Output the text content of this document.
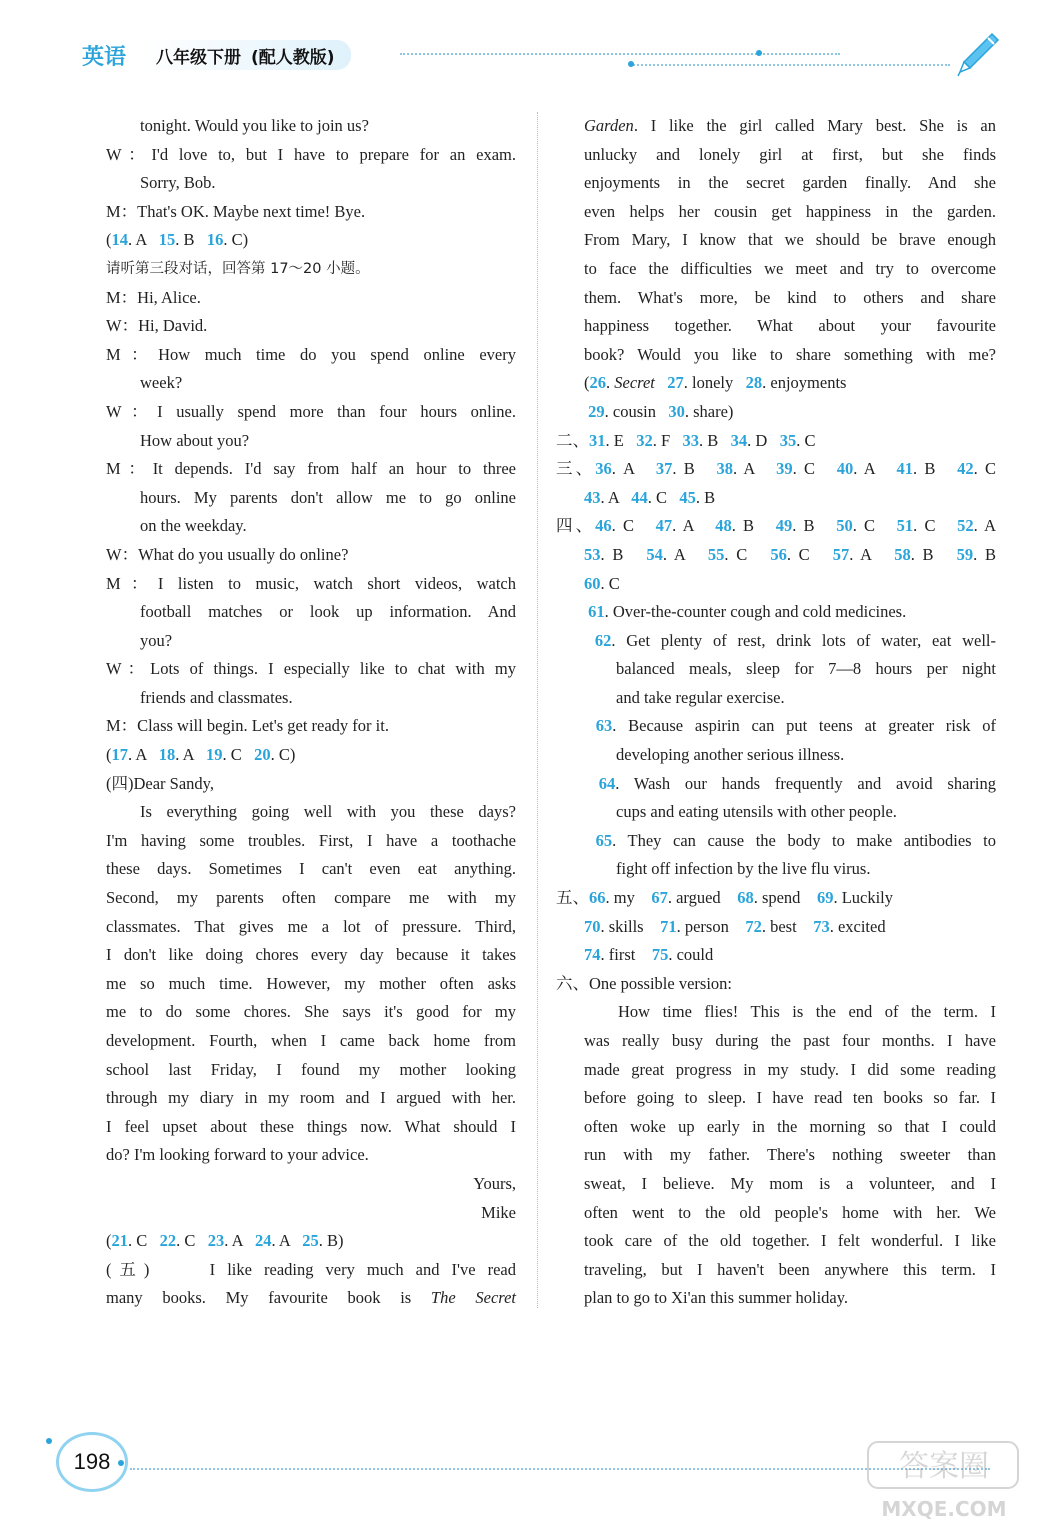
英语 八年级下册 (配人教版)
tonight. Would you like to join us?
W：I'd love to, but I have to prepare for an exam.
Sorry, Bob.
M：That's OK. Maybe next time! Bye.
(14. A   15. B   16. C)
请听第三段对话，回答第 17～20 小题。
M：Hi, Alice.
W：Hi, David.
M：How much time do you spend online every
week?
W：I usually spend more than four hours online.
How about you?
M：It depends. I'd say from half an hour to three
hours. My parents don't allow me to go online
on the weekday.
W：What do you usually do online?
M：I listen to music, watch short videos, watch
football matches or look up information. And
you?
W：Lots of things. I especially like to chat with my
friends and classmates.
M：Class will begin. Let's get ready for it.
(17. A   18. A   19. C   20. C)
(四)Dear Sandy,
Is everything going well with you these days?
I'm having some troubles. First, I have a toothache
these days. Sometimes I can't even eat anything.
Second, my parents often compare me with my
classmates. That gives me a lot of pressure. Third,
I don't like doing chores every day because it takes
me so much time. However, my mother often asks
me to do some chores. She says it's good for my
development. Fourth, when I came back home from
school last Friday, I found my mother looking
through my diary in my room and I argued with her.
I feel upset about these things now. What should I
do? I'm looking forward to your advice.
Yours,
Mike
(21. C   22. C   23. A   24. A   25. B)
(五)     I like reading very much and I've read
many books. My favourite book is The Secret
Garden. I like the girl called Mary best. She is an
unlucky and lonely girl at first, but she finds
enjoyments in the secret garden finally. And she
even helps her cousin get happiness in the garden.
From Mary, I know that we should be brave enough
to face the difficulties we meet and try to overcome
them. What's more, be kind to others and share
happiness together. What about your favourite
book? Would you like to share something with me?
(26. Secret 27. lonely   28. enjoyments
29. cousin   30. share)
二、31. E   32. F   33. B   34. D   35. C
三、36. A   37. B   38. A   39. C   40. A   41. B   42. C
43. A   44. C   45. B
四、46. C   47. A   48. B   49. B   50. C   51. C   52. A
53. B   54. A   55. C   56. C   57. A   58. B   59. B
60. C
61. Over-the-counter cough and cold medicines.
62. Get plenty of rest, drink lots of water, eat well-
balanced meals, sleep for 7—8 hours per night
and take regular exercise.
63. Because aspirin can put teens at greater risk of
developing another serious illness.
64. Wash our hands frequently and avoid sharing
cups and eating utensils with other people.
65. They can cause the body to make antibodies to
fight off infection by the live flu virus.
五、66. my    67. argued    68. spend    69. Luckily
70. skills    71. person    72. best    73. excited
74. first    75. could
六、One possible version:
How time flies! This is the end of the term. I
was really busy during the past four months. I have
made great progress in my study. I did some reading
before going to sleep. I have read ten books so far. I
often woke up early in the morning so that I could
run with my father. There's nothing sweeter than
sweat, I believe. My mom is a volunteer, and I
often went to the old people's home with her. We
took care of the old together. I felt wonderful. I like
traveling, but I haven't been anywhere this term. I
plan to go to Xi'an this summer holiday.
198	答案圈
MXQE.COM
